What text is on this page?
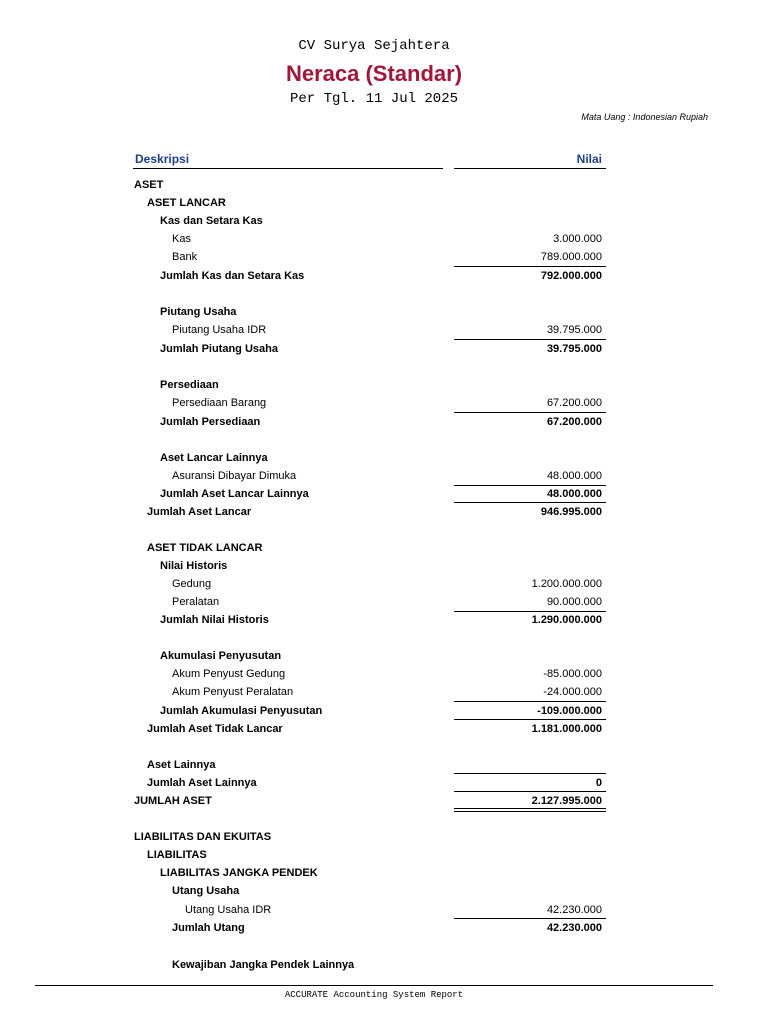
CV Surya Sejahtera
Neraca (Standar)
Per Tgl. 11 Jul 2025
Mata Uang : Indonesian Rupiah
Deskripsi	Nilai
ASET
ASET LANCAR
Kas dan Setara Kas
Kas	3.000.000
Bank	789.000.000
Jumlah Kas dan Setara Kas	792.000.000
Piutang Usaha
Piutang Usaha IDR	39.795.000
Jumlah Piutang Usaha	39.795.000
Persediaan
Persediaan Barang	67.200.000
Jumlah Persediaan	67.200.000
Aset Lancar Lainnya
Asuransi Dibayar Dimuka	48.000.000
Jumlah Aset Lancar Lainnya	48.000.000
Jumlah Aset Lancar	946.995.000
ASET TIDAK LANCAR
Nilai Historis
Gedung	1.200.000.000
Peralatan	90.000.000
Jumlah Nilai Historis	1.290.000.000
Akumulasi Penyusutan
Akum Penyust Gedung	-85.000.000
Akum Penyust Peralatan	-24.000.000
Jumlah Akumulasi Penyusutan	-109.000.000
Jumlah Aset Tidak Lancar	1.181.000.000
Aset Lainnya
Jumlah Aset Lainnya	0
JUMLAH ASET	2.127.995.000
LIABILITAS DAN EKUITAS
LIABILITAS
LIABILITAS JANGKA PENDEK
Utang Usaha
Utang Usaha IDR	42.230.000
Jumlah Utang	42.230.000
Kewajiban Jangka Pendek Lainnya
ACCURATE Accounting System Report
